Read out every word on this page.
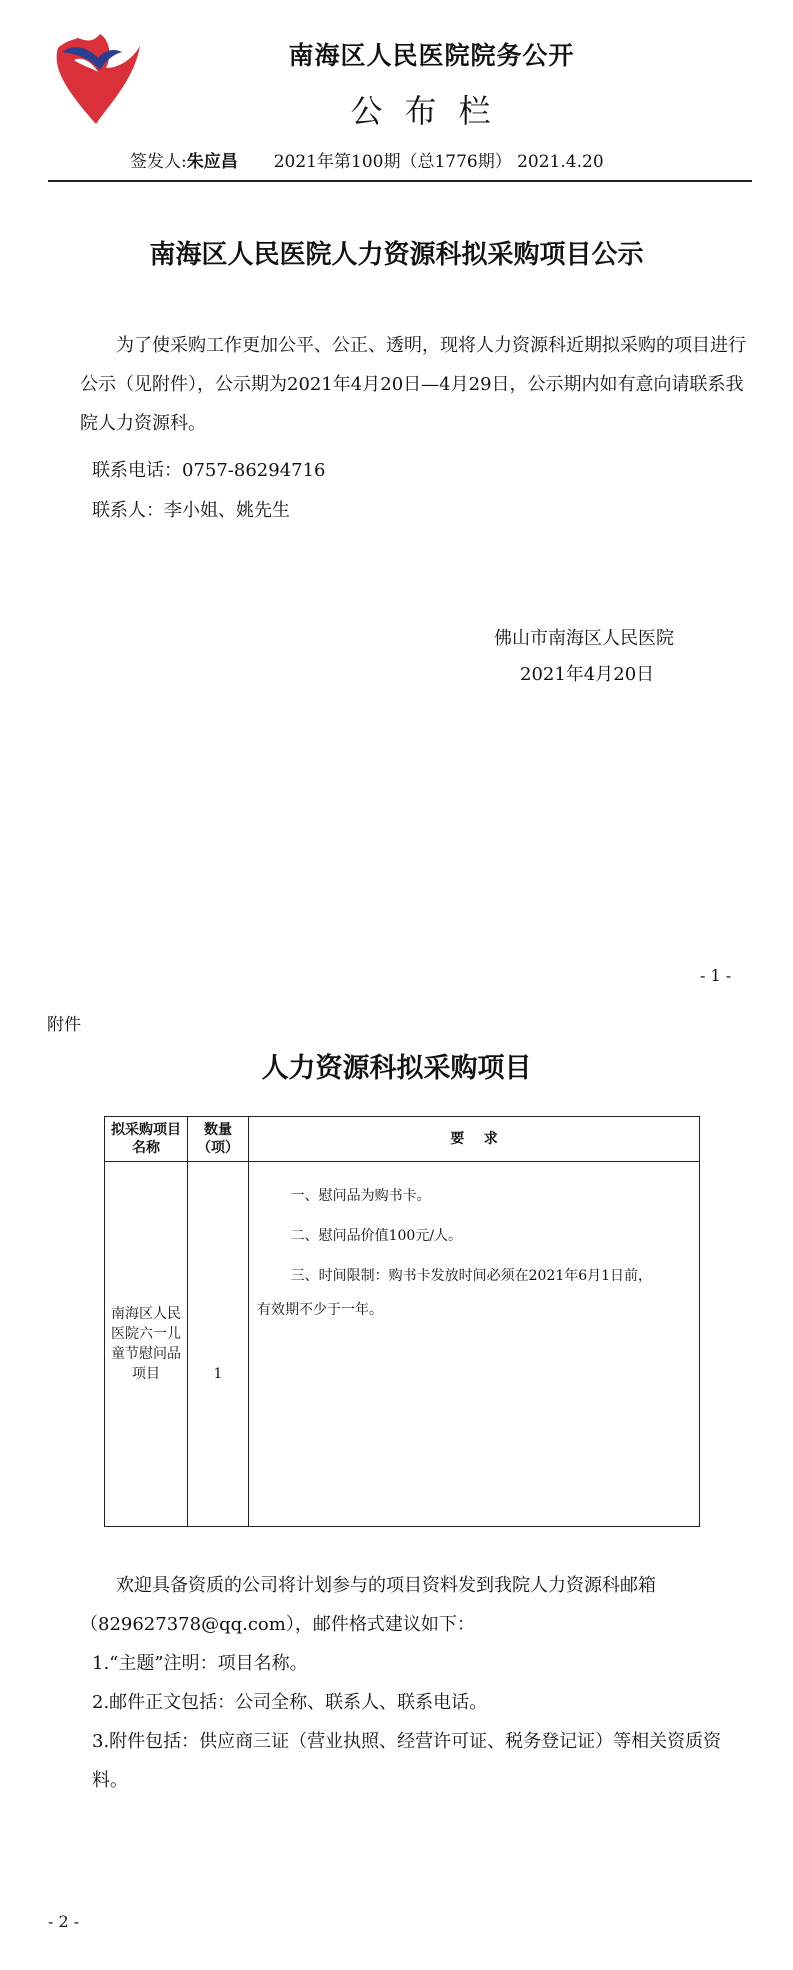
南海区人民医院院务公开
公布栏
签发人:朱应昌 2021年第100期（总1776期） 2021.4.20
南海区人民医院人力资源科拟采购项目公示

为了使采购工作更加公平、公正、透明，现将人力资源科近期拟采购的项目进行公示（见附件），公示期为2021年4月20日—4月29日，公示期内如有意向请联系我院人力资源科。

联系电话：0757-86294716
联系人：李小姐、姚先生
佛山市南海区人民医院
2021年4月20日
- 1 -
附件
人力资源科拟采购项目
拟采购项目名称	数量（项）	要    求
南海区人民医院六一儿童节慰问品项目	1	一、慰问品为购书卡。
二、慰问品价值100元/人。
三、时间限制：购书卡发放时间必须在2021年6月1日前，
有效期不少于一年。

欢迎具备资质的公司将计划参与的项目资料发到我院人力资源科邮箱（829627378@qq.com），邮件格式建议如下：

1.“主题”注明：项目名称。

2.邮件正文包括：公司全称、联系人、联系电话。

3.附件包括：供应商三证（营业执照、经营许可证、税务登记证）等相关资质资料。

- 2 -
